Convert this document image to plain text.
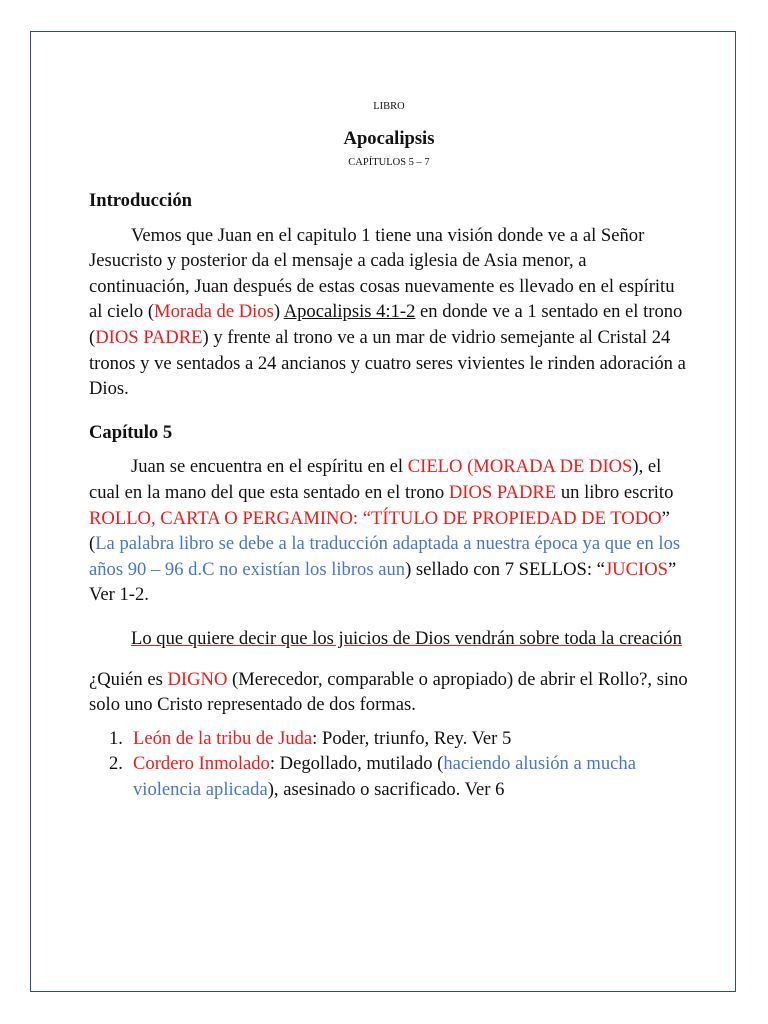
LIBRO
Apocalipsis
CAPÍTULOS 5 – 7
Introducción
Vemos que Juan en el capitulo 1 tiene una visión donde ve a al Señor Jesucristo y posterior da el mensaje a cada iglesia de Asia menor, a continuación, Juan después de estas cosas nuevamente es llevado en el espíritu al cielo (Morada de Dios) Apocalipsis 4:1-2 en donde ve a 1 sentado en el trono (DIOS PADRE) y frente al trono ve a un mar de vidrio semejante al Cristal 24 tronos y ve sentados a 24 ancianos y cuatro seres vivientes le rinden adoración a Dios.
Capítulo 5
Juan se encuentra en el espíritu en el CIELO (MORADA DE DIOS), el cual en la mano del que esta sentado en el trono DIOS PADRE un libro escrito ROLLO, CARTA O PERGAMINO: “TÍTULO DE PROPIEDAD DE TODO” (La palabra libro se debe a la traducción adaptada a nuestra época ya que en los años 90 – 96 d.C no existían los libros aun) sellado con 7 SELLOS: “JUCIOS” Ver 1-2.
Lo que quiere decir que los juicios de Dios vendrán sobre toda la creación
¿Quién es DIGNO (Merecedor, comparable o apropiado) de abrir el Rollo?, sino solo uno Cristo representado de dos formas.
1. León de la tribu de Juda: Poder, triunfo, Rey. Ver 5
2. Cordero Inmolado: Degollado, mutilado (haciendo alusión a mucha violencia aplicada), asesinado o sacrificado. Ver 6
